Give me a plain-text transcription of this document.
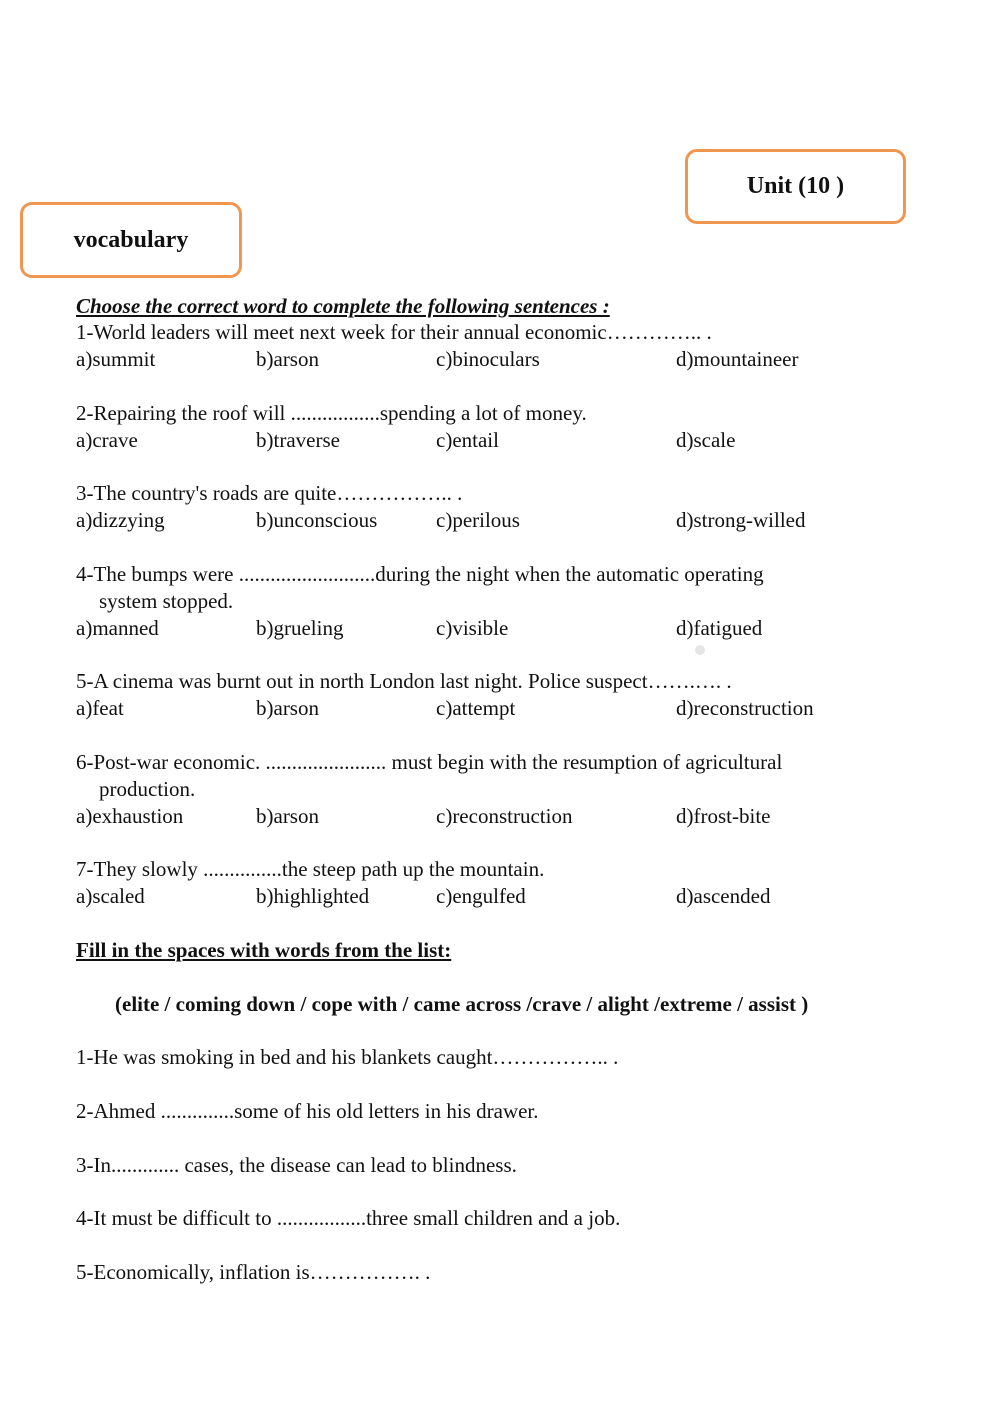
Unit (10 )
vocabulary
Choose the correct word to complete the following sentences :
1-World leaders will meet next week for their annual economic………….. .
a)summit	b)arson	c)binoculars	d)mountaineer
2-Repairing the roof will .................spending a lot of money.
a)crave	b)traverse	c)entail	d)scale
3-The country's roads are quite…………….. .
a)dizzying	b)unconscious	c)perilous	d)strong-willed
4-The bumps were ..........................during the night when the automatic operating
system stopped.
a)manned	b)grueling	c)visible	d)fatigued
5-A cinema was burnt out in north London last night. Police suspect…….…. .
a)feat	b)arson	c)attempt	d)reconstruction
6-Post-war economic. ....................... must begin with the resumption of agricultural
production.
a)exhaustion	b)arson	c)reconstruction	d)frost-bite
7-They slowly ...............the steep path up the mountain.
a)scaled	b)highlighted	c)engulfed	d)ascended
Fill in the spaces with words from the list:
(elite / coming down / cope with / came across /crave / alight /extreme / assist )
1-He was smoking in bed and his blankets caught…………….. .
2-Ahmed ..............some of his old letters in his drawer.
3-In............. cases, the disease can lead to blindness.
4-It must be difficult to .................three small children and a job.
5-Economically, inflation is……………. .
